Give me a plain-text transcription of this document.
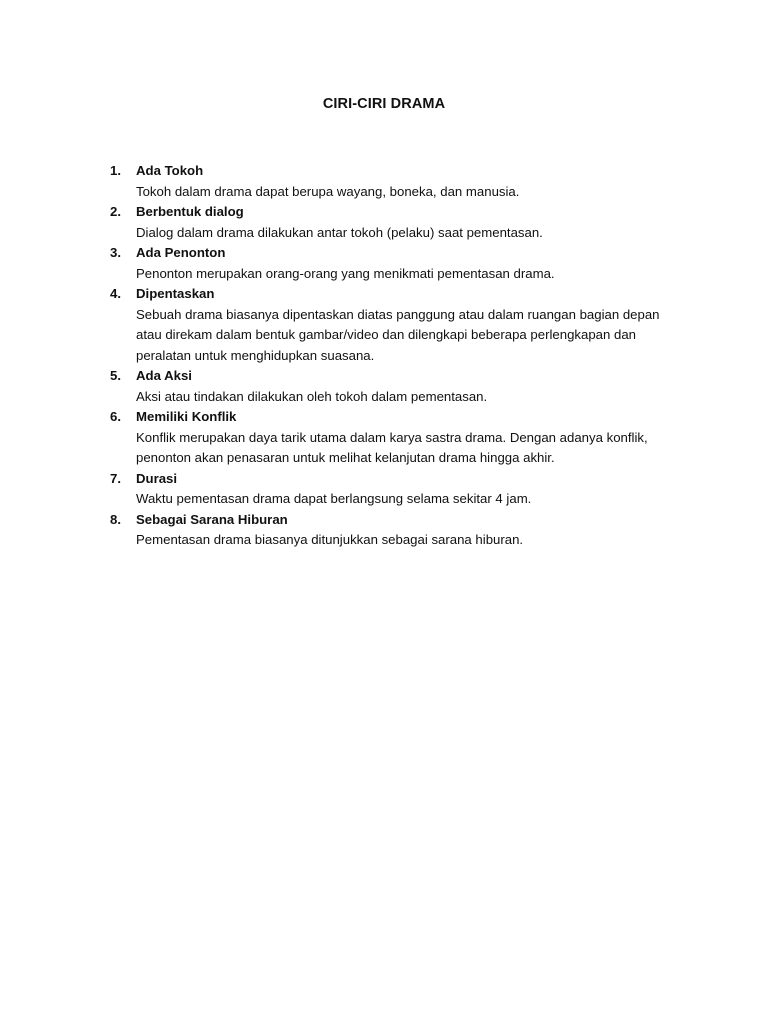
CIRI-CIRI DRAMA
1. Ada Tokoh
Tokoh dalam drama dapat berupa wayang, boneka, dan manusia.
2. Berbentuk dialog
Dialog dalam drama dilakukan antar tokoh (pelaku) saat pementasan.
3. Ada Penonton
Penonton merupakan orang-orang yang menikmati pementasan drama.
4. Dipentaskan
Sebuah drama biasanya dipentaskan diatas panggung atau dalam ruangan bagian depan
atau direkam dalam bentuk gambar/video dan dilengkapi beberapa perlengkapan dan
peralatan untuk menghidupkan suasana.
5. Ada Aksi
Aksi atau tindakan dilakukan oleh tokoh dalam pementasan.
6. Memiliki Konflik
Konflik merupakan daya tarik utama dalam karya sastra drama. Dengan adanya konflik,
penonton akan penasaran untuk melihat kelanjutan drama hingga akhir.
7. Durasi
Waktu pementasan drama dapat berlangsung selama sekitar 4 jam.
8. Sebagai Sarana Hiburan
Pementasan drama biasanya ditunjukkan sebagai sarana hiburan.
